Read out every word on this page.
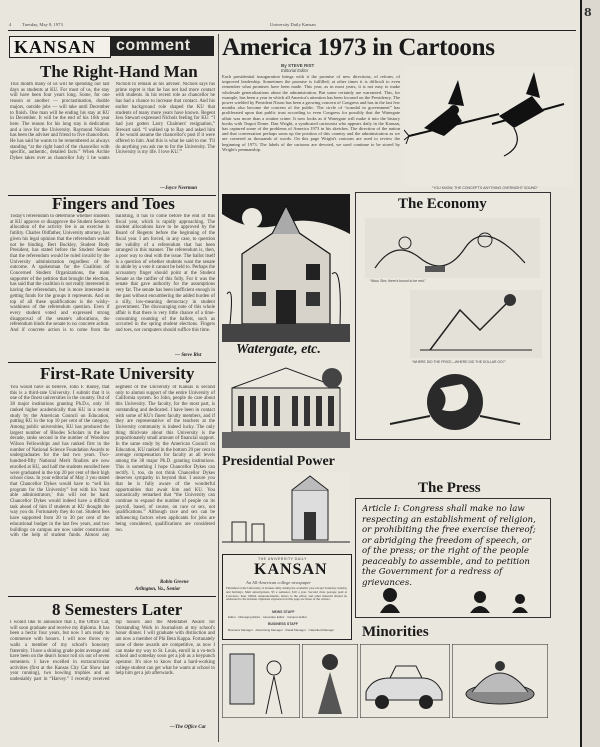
4 Tuesday, May 8, 1973	University Daily Kansan
KANSAN	comment
The Right-Hand Man

This month many of us will be spending our last days as students at KU. For most of us, the stay will have been four years long. Some, for one reason or another — procrastination, double majors, outside jobs — will take until December to finish. One man will be ending his stay at KU in December. It will be the end of his 16th year here. The reason for his long stay is dedication and a love for the University. Raymond Nichols has been the adviser and friend to five chancellors. He has said he wants to be remembered as always standing “at the right hand of the chancellor with specific, authentic, detailed facts.” When Archie Dykes takes over as chancellor July 1 he wants Nichols to remain as his adviser. Nichols says his prime regret is that he has not had more contact with students. In his recent role as chancellor he has had a chance to increase that contact. And his earlier background role shaped the KU that students of many more years have known. Regent Jess Stewart expressed Nichols feeling for KU: “I had just gotten Larry Chalmers' resignation,” Stewart said. “I walked up to Ray and asked him if he would assume the chancellor's post if it were offered to him. And this is what he said to me: 'I'll do anything you ask me to for the University. The University is my life. I love KU.'”

—Joyce Neerman
Fingers and Toes

Today's referendum to determine whether students at KU approve or disapprove the Student Senate's allocation of the activity fee is an exercise in futility. Charles Oldfather, University attorney, has given his legal opinion that the referendum would not be binding. Bert Buckley, Student Body President, has stated before the Student Senate that the referendum would be ruled invalid by the University administration regardless of the outcome. A spokesman for the Coalition of Concerned Student Organizations, the main supporter of the petition that brought the election, has said that the coalition is not really interested in having the referendum, but is more interested in getting funds for the groups it represents. And on top of all these qualifications is the wishy-washiness of the referendum question. Even if every student voted and expressed strong disapproval of the senate's allocations, the referendum binds the senate to no concrete action. And if concrete action is to come from the balloting, it has to come before the end of this fiscal year, which is rapidly approaching. The student allocations have to be approved by the Board of Regents before the beginning of the fiscal year. I am forced, in any case, to question the validity of a referendum that has been arranged in this manner. The referendum is, then, a poor way to deal with the issue. The ballot itself is a question of whether students want the senate to abide by a vote it cannot be held to. Perhaps the accusatory finger should point at the Student Senate as the ratifier of this folly. For it was the senate that gave authority for the assumptions very far. The senate has been inefficient enough in the past without encumbering the added burden of a silly, low-meaning democracy in student government. The discouraging note of this whole affair is that there is very little chance of a time-consuming counting of the ballots, such as occurred in the spring student elections. Fingers and toes, not computers should suffice this time.

— Steve Rist
First-Rate University

You would have us believe, John F. Bailey, that this is a third-rate University. I submit that it is one of the finest universities in the country. Out of 38 major institutions granting Ph.D.s, only 16 ranked higher academically than KU in a recent study by the American Council on Education, putting KU in the top 10 per cent of the category. Among public universities, KU has produced the largest number of Rhodes Scholars in the last decade, ranks second in the number of Woodrow Wilson Fellowships and has ranked first in the number of National Science Foundation Awards to undergraduates for the last two years. Two-hundred-fifty National Merit finalists are now enrolled at KU, and half the students enrolled here were graduated in the top 20 per cent of their high school class. In your editorial of May 3 you stated that Chancellor Dykes would have to “sell his program for the University” but with his 'most able administrators,' this will not be hard. Chancellor Dykes would indeed have a difficult task ahead of him if students at KU thought the way you do. Fortunately they do not. Student fees have supported from 20 to 30 per cent of the educational budget in the last few years, and two buildings on campus are now under construction with the help of student funds. Almost any segment of the University of Kansas is second only to alumni support of the entire University of California system. So John, people do care about this University. The faculty, for the most part, is outstanding and dedicated. I have been in contact with some of KU's finest faculty members, and if they are representative of the teachers at the University community is indeed lucky. The only thing third-rate about this University is the proportionately small amount of financial support. In the same study by the American Council on Education, KU ranked in the bottom 20 per cent in average compensation for faculty at all levels among the 38 major Ph.D. granting institutions. This is something I hope Chancellor Dykes can rectify. I, too, do not think Chancellor Dykes deserves sympathy in beyond that. I assure you that he is fully aware of the wonderful opportunities that await him and KU. You sarcastically remarked that “the University can continue to expand the number of people on its payroll, based, of course, on race or sex, not qualifications.” Although race and sex can be influencing factors when applicants for jobs are being considered, qualifications are considered too.

Robin Greene
Arlington, Va., Senior
8 Semesters Later

I would like to announce that I, the Office Cat, will soon graduate and receive my diploma. It has been a hectic four years, but now I am ready to commence with honors. I will now throw my walls a member of my school's honorary fraternity. I have a shining grade point average and have been on the dean's honor roll six out of seven semesters. I have excelled in extracurricular activities (first at the Kansas City Cat Show last year running), two bowling trophies and an undeniably part in “Harvey.” I recently received top honors and the Mehitabel Award for Outstanding Work in Journalism at my school's honor dinner. I will graduate with distinction and am now a member of Phi Beta Kappa. Fortunately none of these awards are competitive, as now I can make my way to St. Louis, enroll in a vo-tech school and someday soon get a job as a keypunch operator. It's nice to know that a hard-working college student can get what he wants at school to help him get a job afterwards.

—The Office Cat
America 1973 in Cartoons
By STEVE RIST
Editorial Editor

Each presidential inauguration brings with it the promise of new directions, of reform, of improved leadership. Sometimes the promise is fulfilled; at other times it is difficult to even remember what promises have been made. This year, as in most years, it is not easy to make wholesale generalizations about the administration. But some certainly are warranted. This, for example, has been a year in which all America's attention has been focused on the Presidency. The power wielded by President Nixon has been a growing concern of Congress and has in the last few months also become the concern of the public. The circle of “scandal in government” has proliferated upon that public trust according to even Congress for possibly that the Watergate affair was more than a routine crime. It now looks as if Watergate will make it into the history books with Teapot Dome. Dan Wright, a syndicated cartoonist who appears daily in the Kansan, has captured some of the problems of America 1973 in his sketches. The direction of the nation and that conversation perhaps sums up the position of this country and the administration as we are cornered as thousands of words. On this page Wright's cartoons are used to review the beginning of 1973. The labels of the cartoons are devoted, we used continue to be stored by Wright's penmanship.

“YOU KNOW, THE CONCEPT'S ANYTHING OVERNIGHT SOUND”
Watergate, etc.
The Economy
“Wow, Sire, there's bound to be rest.”
“WHERE DID THE PRICE—WHERE DID THE DOLLAR GO?”
Presidential Power
THE UNIVERSITY DAILY
KANSAN
An All-American college newspaper

Published at the University of Kansas daily during the academic year except Saturday, Sunday and holidays. Mail subscriptions, $5 a semester, $10 a year. Second class postage paid at Lawrence, Kan. 66044. Announcements, letters to the editor, and other material should be addressed to the Kansan. Opinions expressed on this page are those of the writers.

NEWS STAFF
Editor · Managing Editor · Associate Editor · Campus Editor
BUSINESS STAFF
Business Manager · Advertising Manager · Retail Manager · Classified Manager
The Press

Article I: Congress shall make no law respecting an establishment of religion, or prohibiting the free exercise thereof; or abridging the freedom of speech, or of the press; or the right of the people peaceably to assemble, and to petition the Government for a redress of grievances.

Minorities
8
